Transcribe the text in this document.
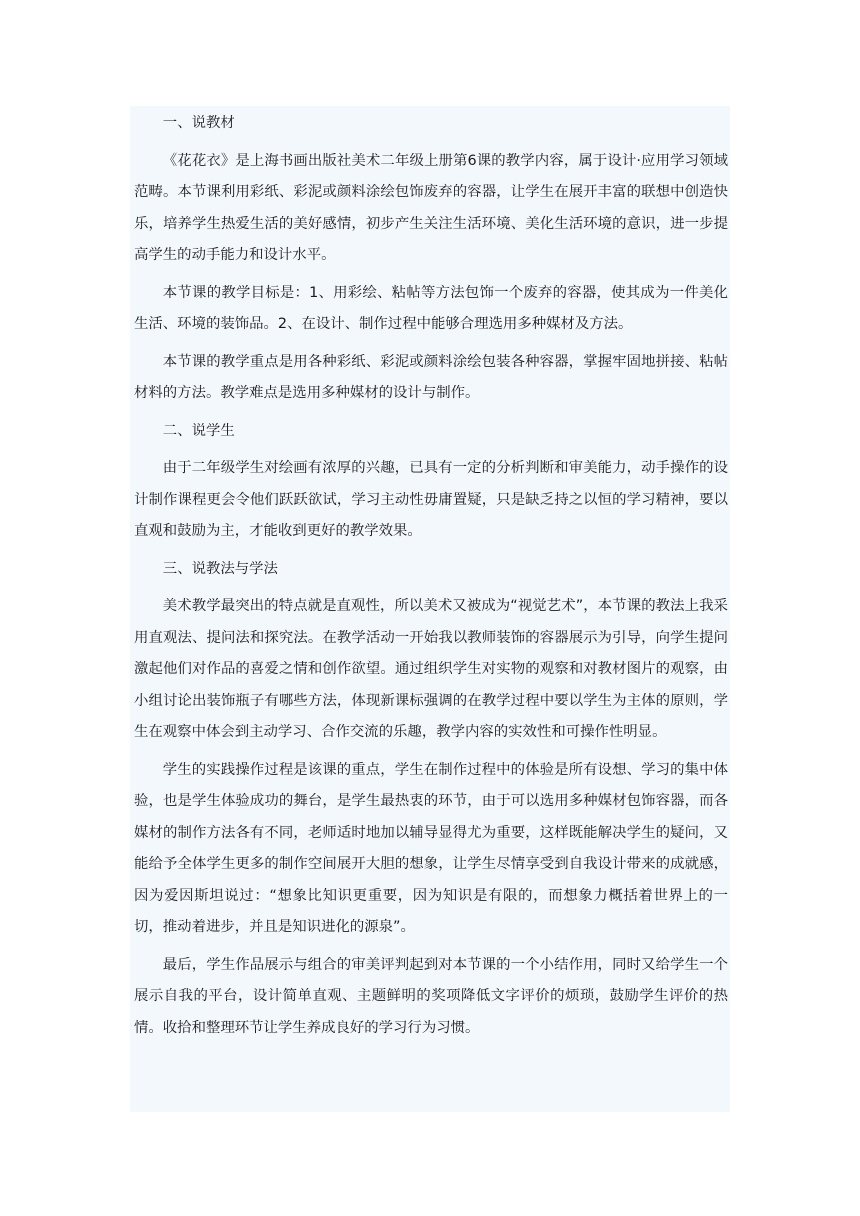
一、说教材

《花花衣》是上海书画出版社美术二年级上册第6课的教学内容，属于设计·应用学习领域范畴。本节课利用彩纸、彩泥或颜料涂绘包饰废弃的容器，让学生在展开丰富的联想中创造快乐，培养学生热爱生活的美好感情，初步产生关注生活环境、美化生活环境的意识，进一步提高学生的动手能力和设计水平。

本节课的教学目标是：1、用彩绘、粘帖等方法包饰一个废弃的容器，使其成为一件美化生活、环境的装饰品。2、在设计、制作过程中能够合理选用多种媒材及方法。

本节课的教学重点是用各种彩纸、彩泥或颜料涂绘包装各种容器，掌握牢固地拼接、粘帖材料的方法。教学难点是选用多种媒材的设计与制作。

二、说学生

由于二年级学生对绘画有浓厚的兴趣，已具有一定的分析判断和审美能力，动手操作的设计制作课程更会令他们跃跃欲试，学习主动性毋庸置疑，只是缺乏持之以恒的学习精神，要以直观和鼓励为主，才能收到更好的教学效果。

三、说教法与学法

美术教学最突出的特点就是直观性，所以美术又被成为“视觉艺术”，本节课的教法上我采用直观法、提问法和探究法。在教学活动一开始我以教师装饰的容器展示为引导，向学生提问激起他们对作品的喜爱之情和创作欲望。通过组织学生对实物的观察和对教材图片的观察，由小组讨论出装饰瓶子有哪些方法，体现新课标强调的在教学过程中要以学生为主体的原则，学生在观察中体会到主动学习、合作交流的乐趣，教学内容的实效性和可操作性明显。

学生的实践操作过程是该课的重点，学生在制作过程中的体验是所有设想、学习的集中体验，也是学生体验成功的舞台，是学生最热衷的环节，由于可以选用多种媒材包饰容器，而各媒材的制作方法各有不同，老师适时地加以辅导显得尤为重要，这样既能解决学生的疑问，又能给予全体学生更多的制作空间展开大胆的想象，让学生尽情享受到自我设计带来的成就感，因为爱因斯坦说过：“想象比知识更重要，因为知识是有限的，而想象力概括着世界上的一切，推动着进步，并且是知识进化的源泉”。

最后，学生作品展示与组合的审美评判起到对本节课的一个小结作用，同时又给学生一个展示自我的平台，设计简单直观、主题鲜明的奖项降低文字评价的烦琐，鼓励学生评价的热情。收拾和整理环节让学生养成良好的学习行为习惯。
